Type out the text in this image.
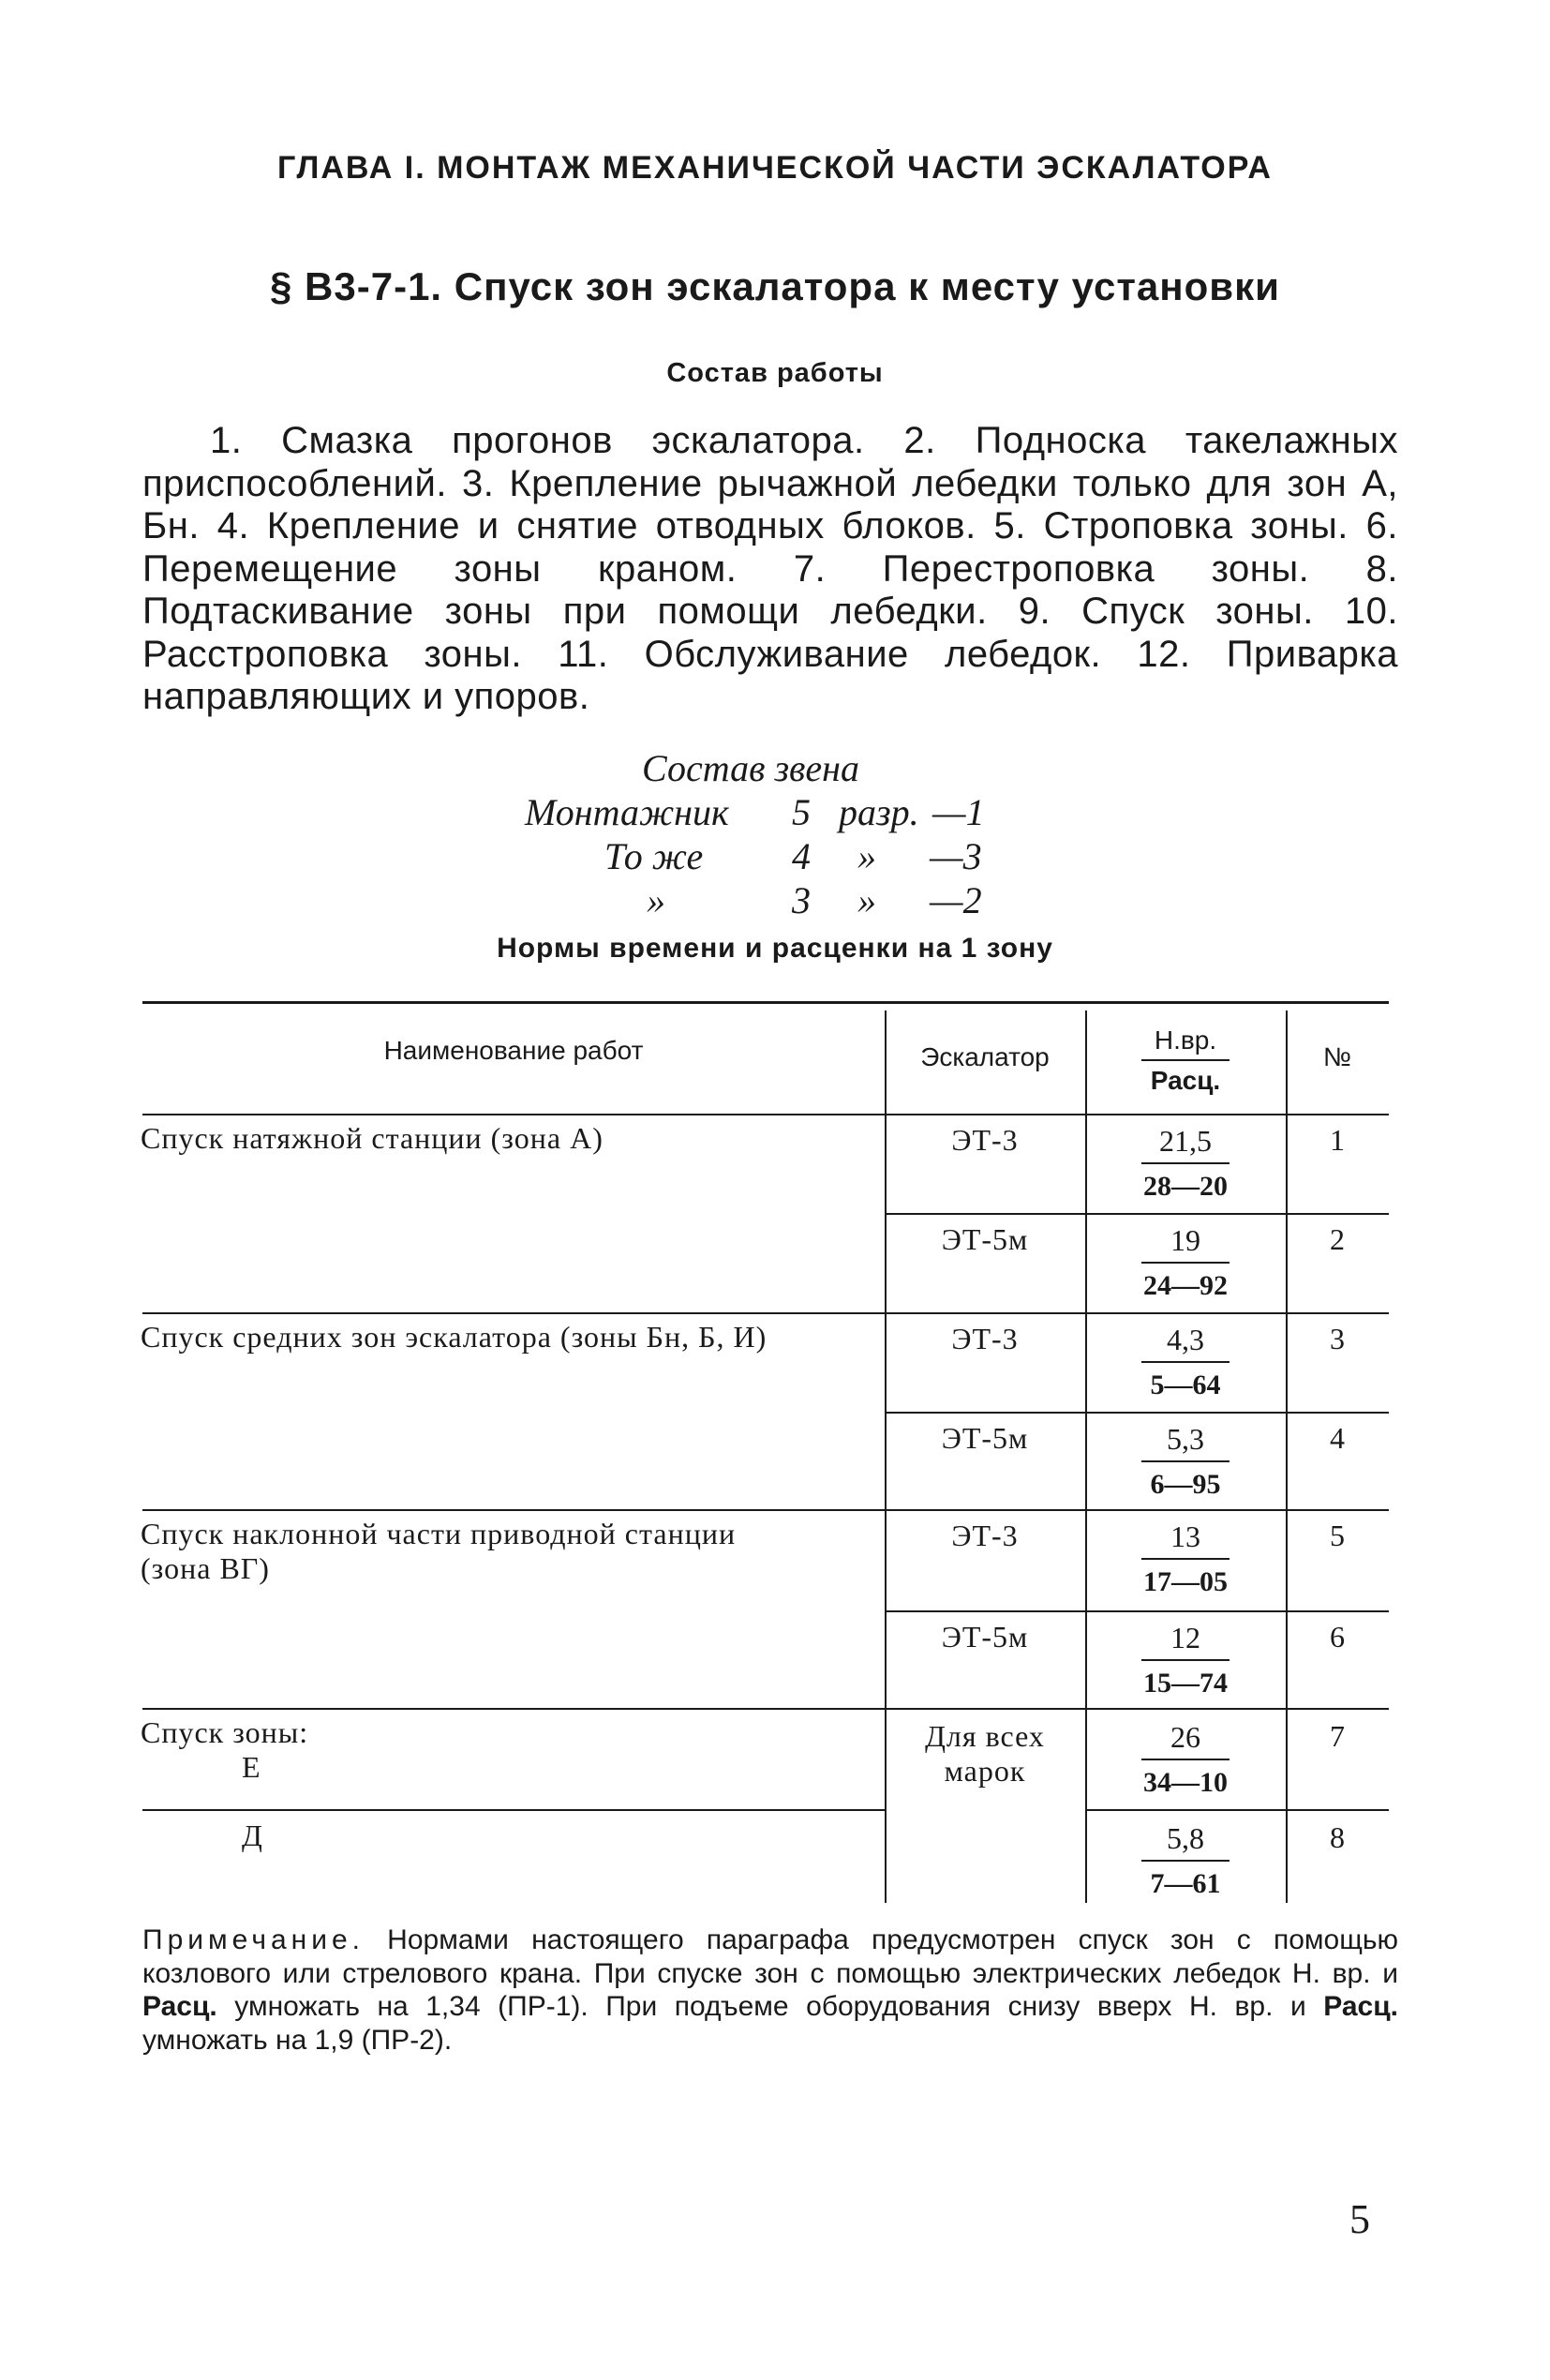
ГЛАВА I. МОНТАЖ МЕХАНИЧЕСКОЙ ЧАСТИ ЭСКАЛАТОРА
§ В3-7-1. Спуск зон эскалатора к месту установки
Состав работы
1. Смазка прогонов эскалатора. 2. Подноска такелажных приспособлений. 3. Крепление рычажной лебедки только для зон А, Бн. 4. Крепление и снятие отводных блоков. 5. Строповка зоны. 6. Перемещение зоны краном. 7. Перестроповка зоны. 8. Подтаскивание зоны при помощи лебедки. 9. Спуск зоны. 10. Расстроповка зоны. 11. Обслуживание лебедок. 12. Приварка направляющих и упоров.
Состав звена
Монтажник 5 разр. —1
То же 4 » —3
»	3 » —2
Нормы времени и расценки на 1 зону
Наименование работ	Эскалатор
Н.вр.
Расц.
№
Спуск натяжной станции (зона А)
Спуск средних зон эскалатора (зоны Бн, Б, И)
Спуск наклонной части приводной станции
(зона ВГ)
Спуск зоны:
Е
Д
ЭТ-3
ЭТ-5м
ЭТ-3
ЭТ-5м
ЭТ-3
ЭТ-5м
Для всех
марок
21,5
28—20
19
24—92
4,3
5—64
5,3
6—95
13
17—05
12
15—74
26
34—10
5,8
7—61
1
2
3
4
5
6
7
8
Примечание. Нормами настоящего параграфа предусмотрен спуск зон с помощью козлового или стрелового крана. При спуске зон с помощью электрических лебедок Н. вр. и Расц. умножать на 1,34 (ПР-1). При подъеме оборудования снизу вверх Н. вр. и Расц. умножать на 1,9 (ПР-2).
5
